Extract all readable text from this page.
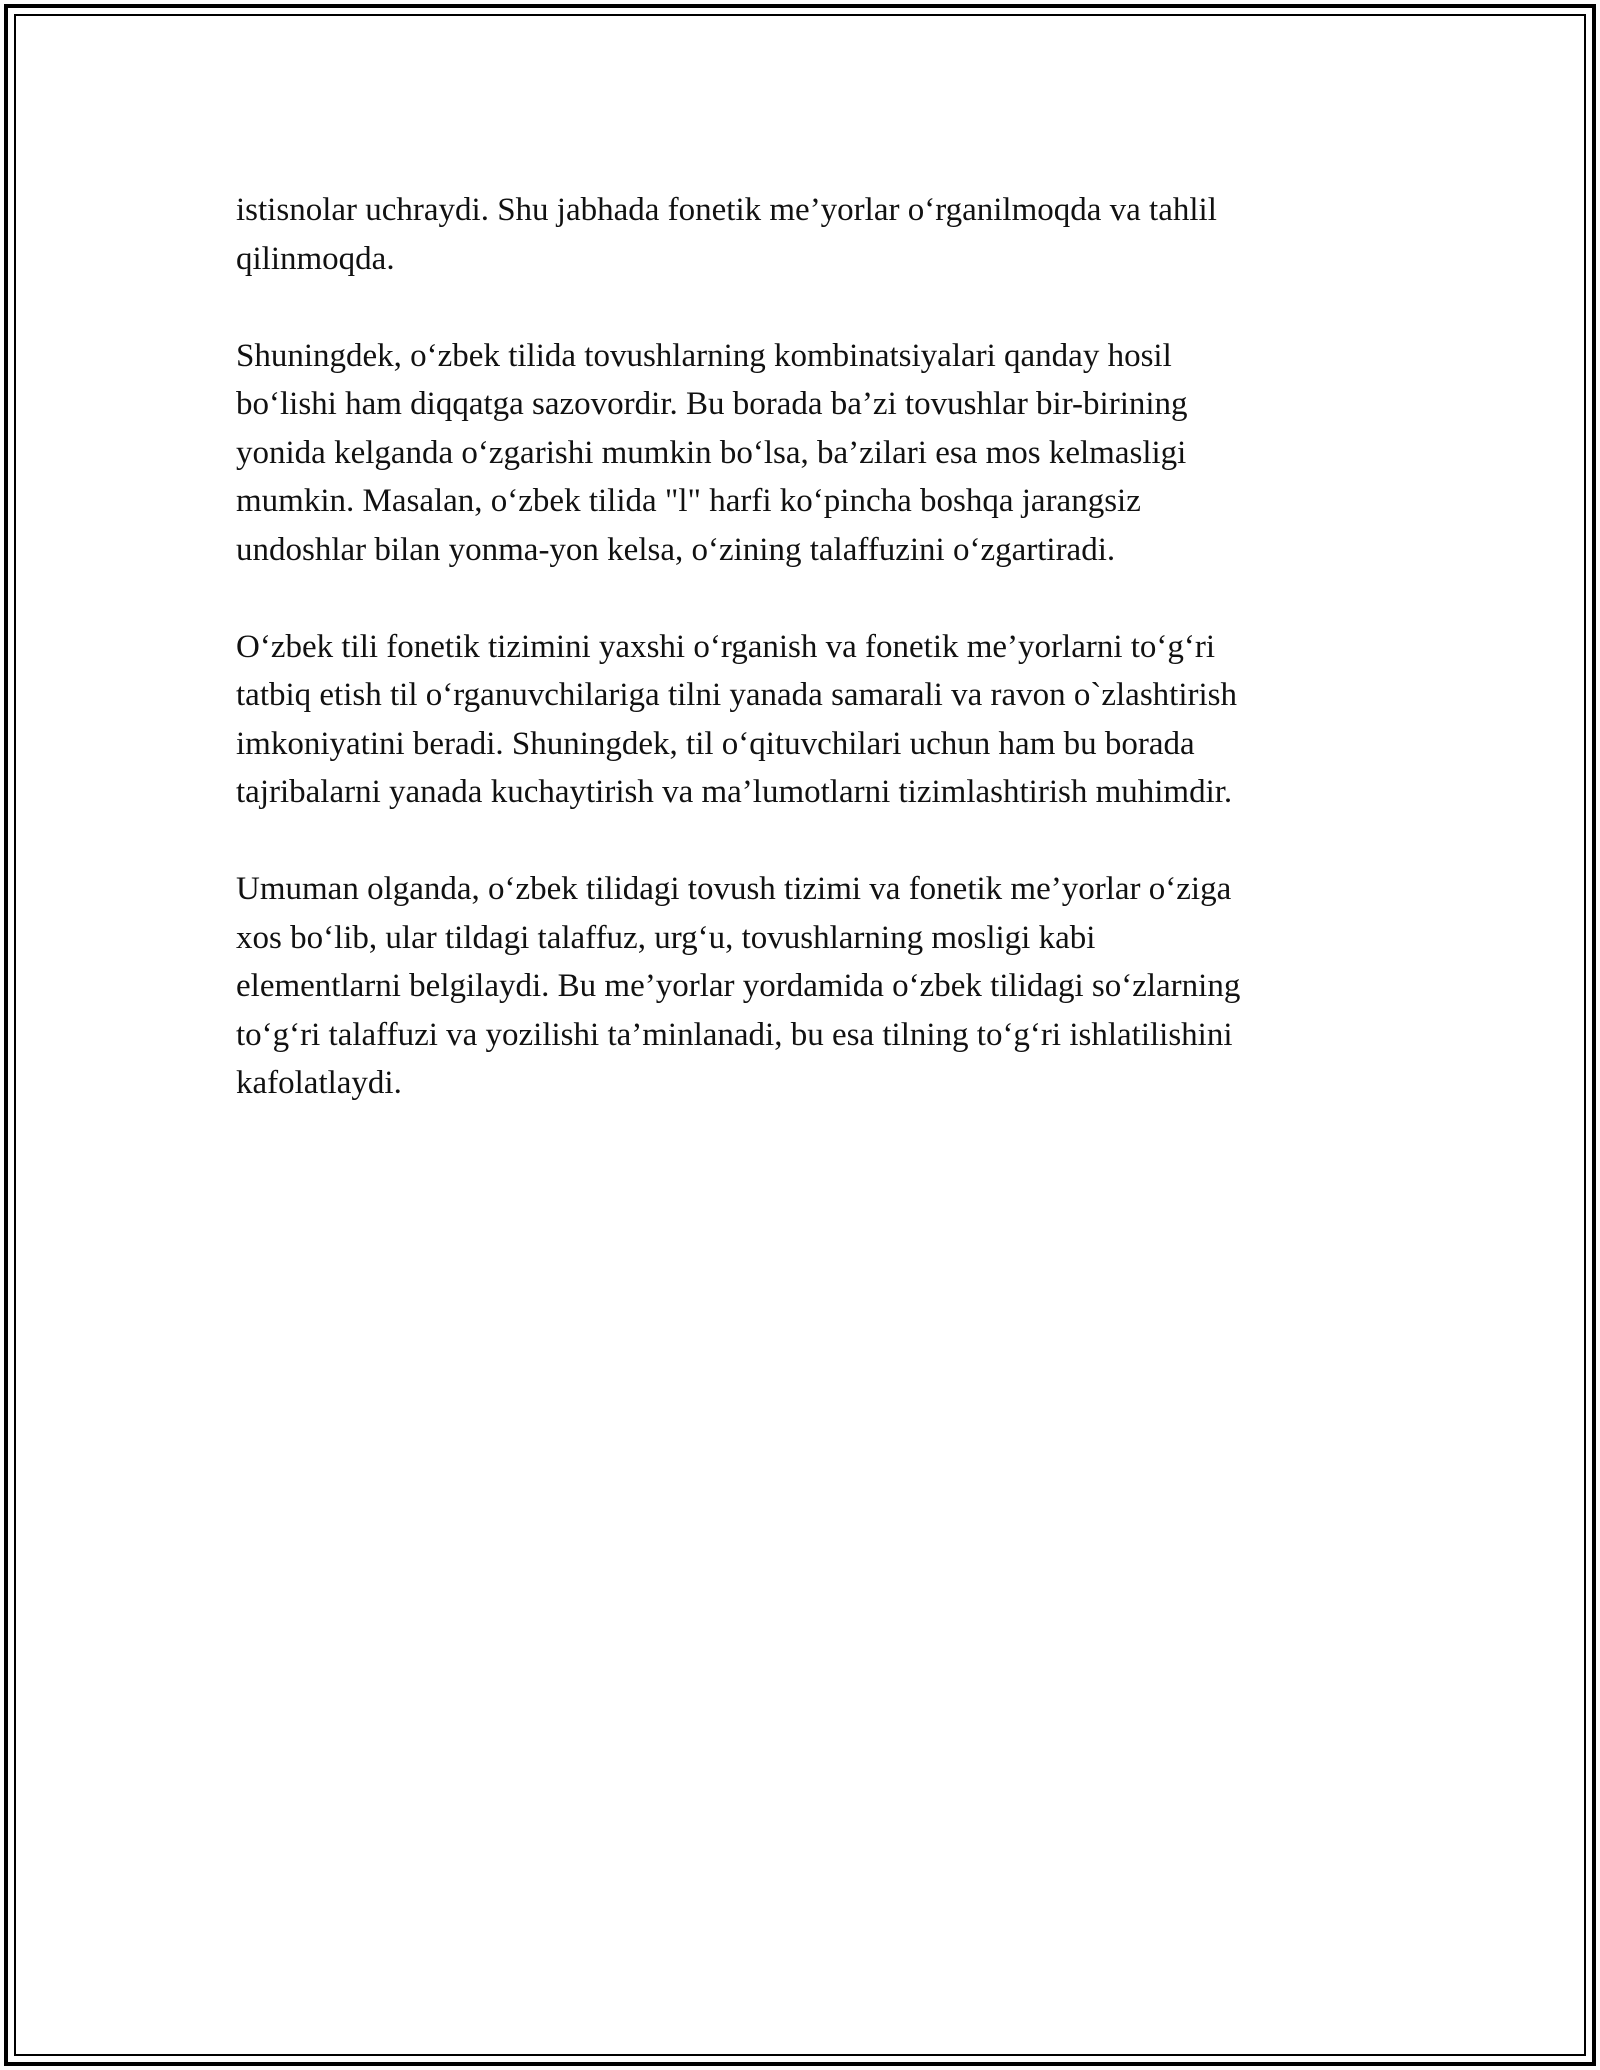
istisnolar uchraydi. Shu jabhada fonetik me’yorlar o‘rganilmoqda va tahlil
qilinmoqda.

Shuningdek, o‘zbek tilida tovushlarning kombinatsiyalari qanday hosil
bo‘lishi ham diqqatga sazovordir. Bu borada ba’zi tovushlar bir-birining
yonida kelganda o‘zgarishi mumkin bo‘lsa, ba’zilari esa mos kelmasligi
mumkin. Masalan, o‘zbek tilida "l" harfi ko‘pincha boshqa jarangsiz
undoshlar bilan yonma-yon kelsa, o‘zining talaffuzini o‘zgartiradi.

O‘zbek tili fonetik tizimini yaxshi o‘rganish va fonetik me’yorlarni to‘g‘ri
tatbiq etish til o‘rganuvchilariga tilni yanada samarali va ravon o`zlashtirish
imkoniyatini beradi. Shuningdek, til o‘qituvchilari uchun ham bu borada
tajribalarni yanada kuchaytirish va ma’lumotlarni tizimlashtirish muhimdir.

Umuman olganda, o‘zbek tilidagi tovush tizimi va fonetik me’yorlar o‘ziga
xos bo‘lib, ular tildagi talaffuz, urg‘u, tovushlarning mosligi kabi
elementlarni belgilaydi. Bu me’yorlar yordamida o‘zbek tilidagi so‘zlarning
to‘g‘ri talaffuzi va yozilishi ta’minlanadi, bu esa tilning to‘g‘ri ishlatilishini
kafolatlaydi.
